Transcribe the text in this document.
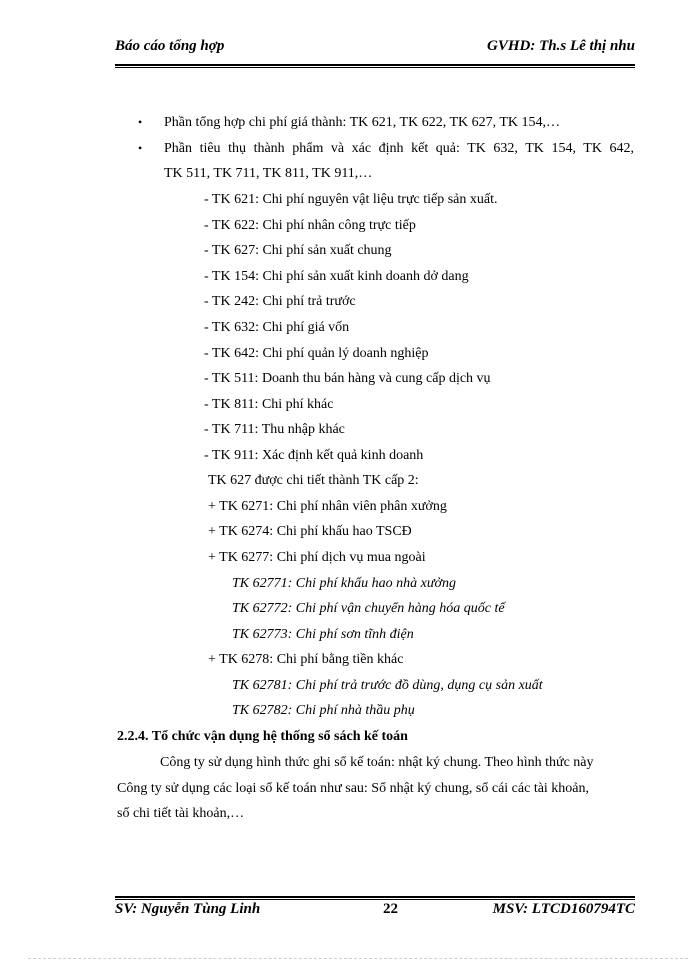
Báo cáo tổng hợp	GVHD: Th.s Lê thị nhu
• Phần tổng hợp chi phí giá thành: TK 621, TK 622, TK 627, TK 154,…
• Phần tiêu thụ thành phẩm và xác định kết quả: TK 632, TK 154, TK 642,
TK 511, TK 711, TK 811, TK 911,…
- TK 621: Chi phí nguyên vật liệu trực tiếp sản xuất.
- TK 622: Chi phí nhân công trực tiếp
- TK 627: Chi phí sản xuất chung
- TK 154: Chi phí sản xuất kinh doanh dở dang
- TK 242: Chi phí trả trước
- TK 632: Chi phí giá vốn
- TK 642: Chi phí quản lý doanh nghiệp
- TK 511: Doanh thu bán hàng và cung cấp dịch vụ
- TK 811: Chi phí khác
- TK 711: Thu nhập khác
- TK 911: Xác định kết quả kinh doanh
TK 627 được chi tiết thành TK cấp 2:
+ TK 6271: Chi phí nhân viên phân xưởng
+ TK 6274: Chi phí khấu hao TSCĐ
+ TK 6277: Chi phí dịch vụ mua ngoài
TK 62771: Chi phí khấu hao nhà xưởng
TK 62772: Chi phí vận chuyển hàng hóa quốc tế
TK 62773: Chi phí sơn tĩnh điện
+ TK 6278: Chi phí bằng tiền khác
TK 62781: Chi phí trả trước đồ dùng, dụng cụ sản xuất
TK 62782: Chi phí nhà thầu phụ
2.2.4. Tổ chức vận dụng hệ thống sổ sách kế toán
Công ty sử dụng hình thức ghi sổ kế toán: nhật ký chung. Theo hình thức này
Công ty sử dụng các loại sổ kế toán như sau: Sổ nhật ký chung, sổ cái các tài khoản,
sổ chi tiết tài khoản,…
SV: Nguyễn Tùng Linh	22	MSV: LTCD160794TC
